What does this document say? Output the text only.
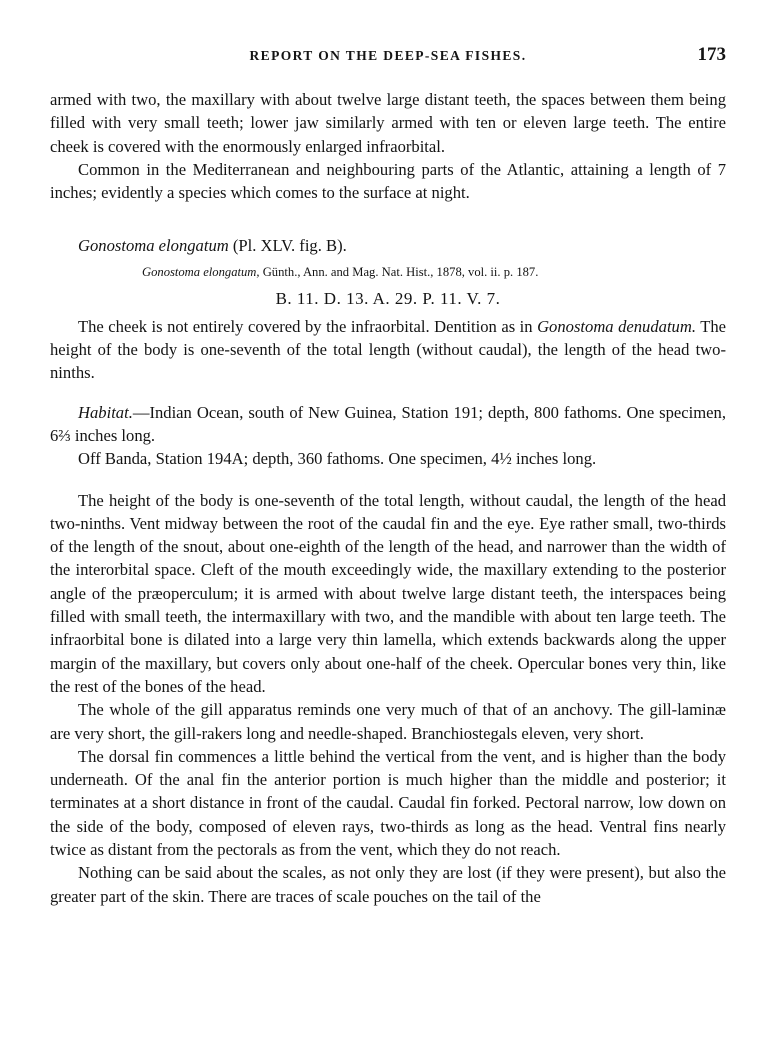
REPORT ON THE DEEP-SEA FISHES.	173

armed with two, the maxillary with about twelve large distant teeth, the spaces between them being filled with very small teeth; lower jaw similarly armed with ten or eleven large teeth. The entire cheek is covered with the enormously enlarged infraorbital.

Common in the Mediterranean and neighbouring parts of the Atlantic, attaining a length of 7 inches; evidently a species which comes to the surface at night.

Gonostoma elongatum (Pl. XLV. fig. B).

Gonostoma elongatum, Günth., Ann. and Mag. Nat. Hist., 1878, vol. ii. p. 187.

B. 11. D. 13. A. 29. P. 11. V. 7.

The cheek is not entirely covered by the infraorbital. Dentition as in Gonostoma denudatum. The height of the body is one-seventh of the total length (without caudal), the length of the head two-ninths.

Habitat.—Indian Ocean, south of New Guinea, Station 191; depth, 800 fathoms. One specimen, 6⅔ inches long.

Off Banda, Station 194A; depth, 360 fathoms. One specimen, 4½ inches long.

The height of the body is one-seventh of the total length, without caudal, the length of the head two-ninths. Vent midway between the root of the caudal fin and the eye. Eye rather small, two-thirds of the length of the snout, about one-eighth of the length of the head, and narrower than the width of the interorbital space. Cleft of the mouth exceedingly wide, the maxillary extending to the posterior angle of the præoperculum; it is armed with about twelve large distant teeth, the interspaces being filled with small teeth, the intermaxillary with two, and the mandible with about ten large teeth. The infraorbital bone is dilated into a large very thin lamella, which extends backwards along the upper margin of the maxillary, but covers only about one-half of the cheek. Opercular bones very thin, like the rest of the bones of the head.

The whole of the gill apparatus reminds one very much of that of an anchovy. The gill-laminæ are very short, the gill-rakers long and needle-shaped. Branchiostegals eleven, very short.

The dorsal fin commences a little behind the vertical from the vent, and is higher than the body underneath. Of the anal fin the anterior portion is much higher than the middle and posterior; it terminates at a short distance in front of the caudal. Caudal fin forked. Pectoral narrow, low down on the side of the body, composed of eleven rays, two-thirds as long as the head. Ventral fins nearly twice as distant from the pectorals as from the vent, which they do not reach.

Nothing can be said about the scales, as not only they are lost (if they were present), but also the greater part of the skin. There are traces of scale pouches on the tail of the
